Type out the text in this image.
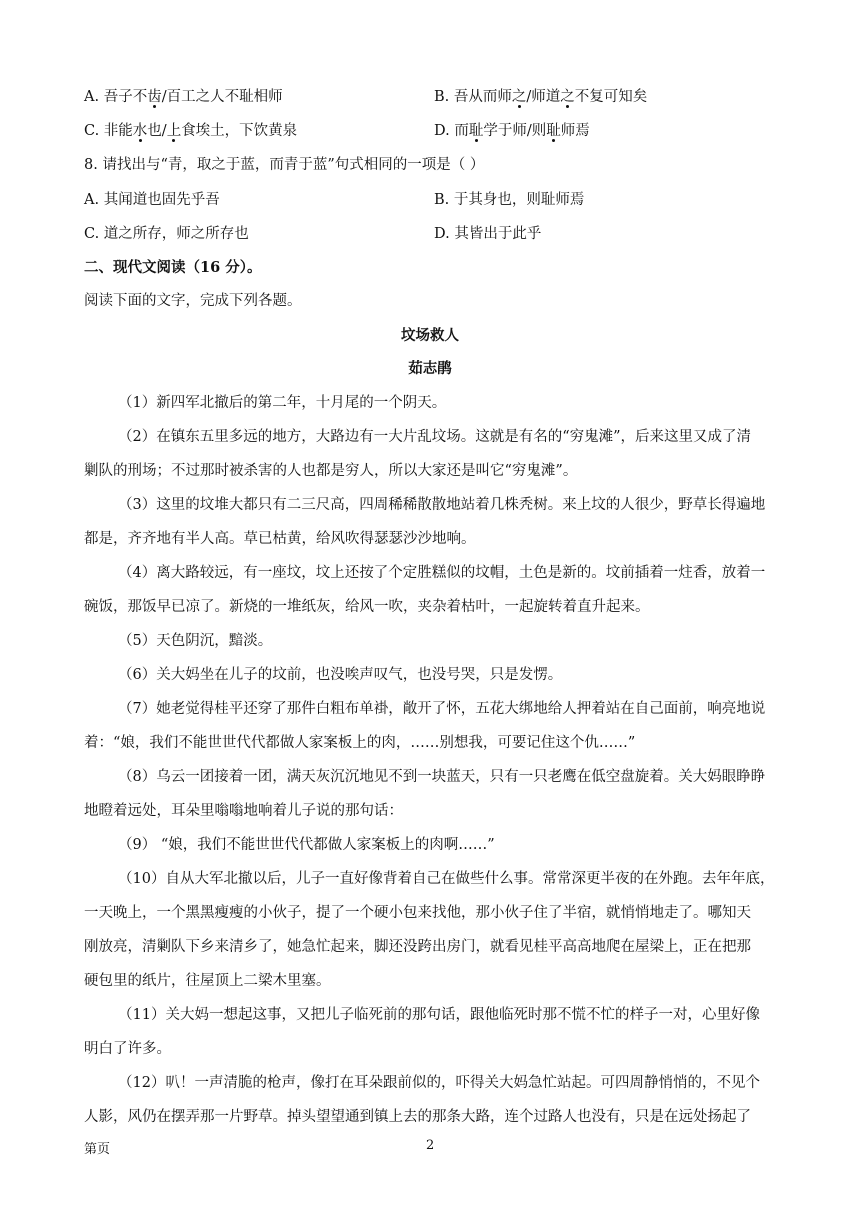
A. 吾子不齿/百工之人不耻相师	B. 吾从而师之/师道之不复可知矣
C. 非能水也/上食埃土，下饮黄泉	D. 而耻学于师/则耻师焉
8. 请找出与“青，取之于蓝，而青于蓝”句式相同的一项是（ ）
A. 其闻道也固先乎吾	B. 于其身也，则耻师焉
C. 道之所存，师之所存也	D. 其皆出于此乎
二、现代文阅读（16 分）。
阅读下面的文字，完成下列各题。
坟场救人
茹志鹃
（1）新四军北撤后的第二年，十月尾的一个阴天。
（2）在镇东五里多远的地方，大路边有一大片乱坟场。这就是有名的“穷鬼滩”，后来这里又成了清
剿队的刑场；不过那时被杀害的人也都是穷人，所以大家还是叫它“穷鬼滩”。
（3）这里的坟堆大都只有二三尺高，四周稀稀散散地站着几株秃树。来上坟的人很少，野草长得遍地
都是，齐齐地有半人高。草已枯黄，给风吹得瑟瑟沙沙地响。
（4）离大路较远，有一座坟，坟上还按了个定胜糕似的坟帽，土色是新的。坟前插着一炷香，放着一
碗饭，那饭早已凉了。新烧的一堆纸灰，给风一吹，夹杂着枯叶，一起旋转着直升起来。
（5）天色阴沉，黯淡。
（6）关大妈坐在儿子的坟前，也没唉声叹气，也没号哭，只是发愣。
（7）她老觉得桂平还穿了那件白粗布单褂，敞开了怀，五花大绑地给人押着站在自己面前，响亮地说
着：“娘，我们不能世世代代都做人家案板上的肉，……别想我，可要记住这个仇……”
（8）乌云一团接着一团，满天灰沉沉地见不到一块蓝天，只有一只老鹰在低空盘旋着。关大妈眼睁睁
地瞪着远处，耳朵里嗡嗡地响着儿子说的那句话：
（9） “娘，我们不能世世代代都做人家案板上的肉啊……”
（10）自从大军北撤以后，儿子一直好像背着自己在做些什么事。常常深更半夜的在外跑。去年年底，
一天晚上，一个黑黑瘦瘦的小伙子，提了一个硬小包来找他，那小伙子住了半宿，就悄悄地走了。哪知天
刚放亮，清剿队下乡来清乡了，她急忙起来，脚还没跨出房门，就看见桂平高高地爬在屋梁上，正在把那
硬包里的纸片，往屋顶上二梁木里塞。
（11）关大妈一想起这事，又把儿子临死前的那句话，跟他临死时那不慌不忙的样子一对，心里好像
明白了许多。
（12）叭！一声清脆的枪声，像打在耳朵跟前似的，吓得关大妈急忙站起。可四周静悄悄的，不见个
人影，风仍在摆弄那一片野草。掉头望望通到镇上去的那条大路，连个过路人也没有，只是在远处扬起了
第页	2
